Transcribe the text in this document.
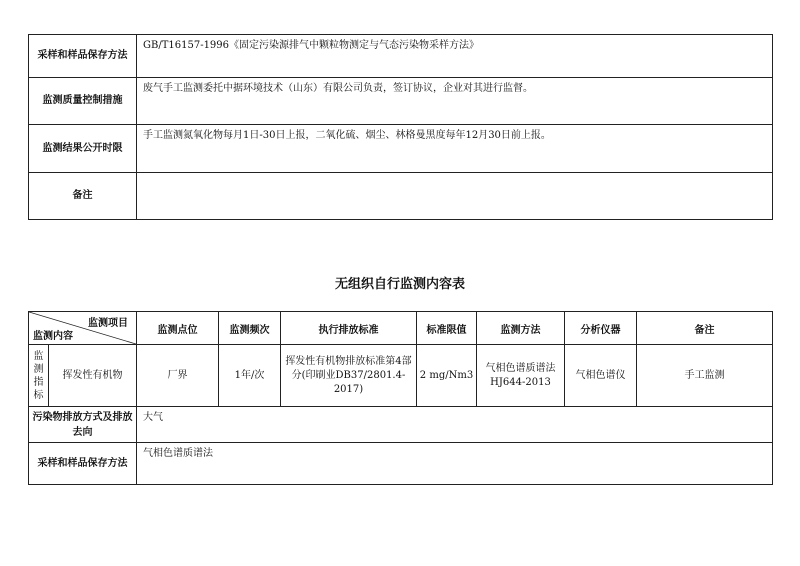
采样和样品保存方法	GB/T16157-1996《固定污染源排气中颗粒物测定与气态污染物采样方法》
监测质量控制措施	废气手工监测委托中据环境技术（山东）有限公司负责，签订协议，企业对其进行监督。
监测结果公开时限	手工监测氮氧化物每月1日-30日上报，二氧化硫、烟尘、林格曼黑度每年12月30日前上报。
备注	
无组织自行监测内容表
监测项目
监测内容		监测点位	监测频次	执行排放标准	标准限值	监测方法	分析仪器	备注
监测指标	挥发性有机物	厂界	1年/次	挥发性有机物排放标准第4部分(印刷业DB37/2801.4-2017)	2 mg/Nm3	气相色谱质谱法HJ644-2013	气相色谱仪	手工监测
污染物排放方式及排放去向		大气						
采样和样品保存方法		气相色谱质谱法						
